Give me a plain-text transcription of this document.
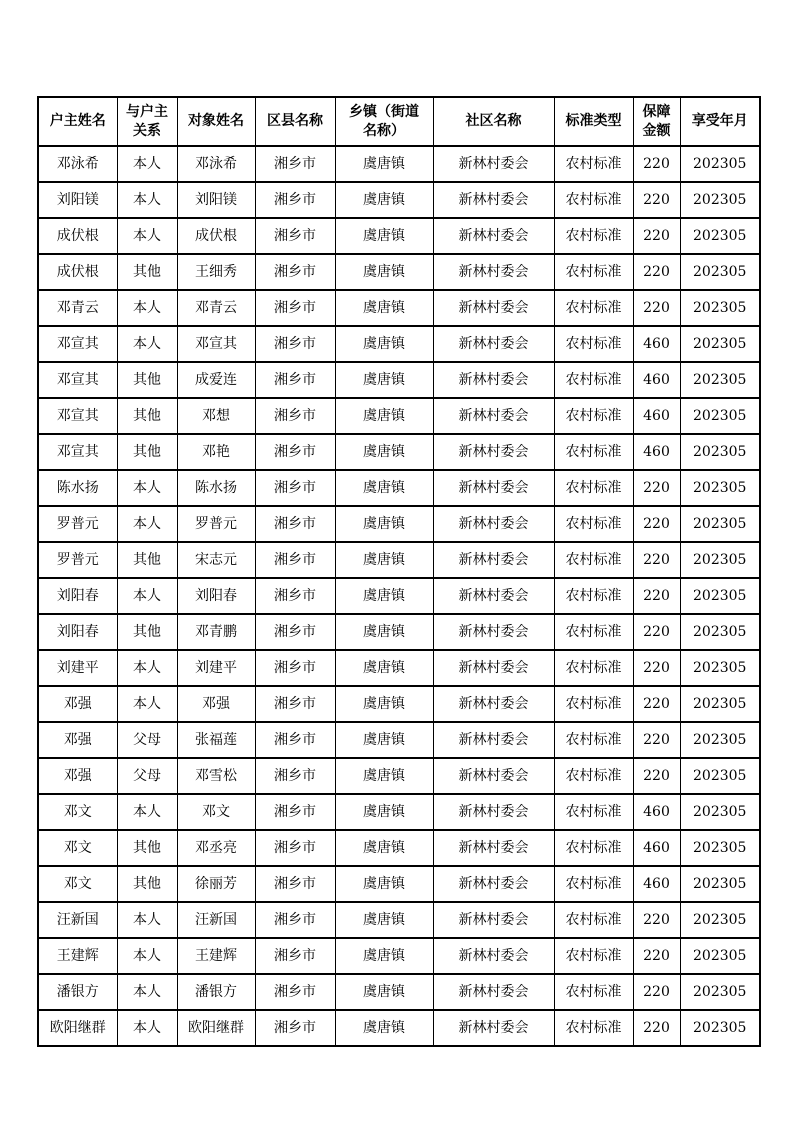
户主姓名	与户主关系	对象姓名	区县名称	乡镇（街道名称）	社区名称	标准类型	保障金额	享受年月
邓泳希	本人	邓泳希	湘乡市	虞唐镇	新林村委会	农村标准	220	202305
刘阳镁	本人	刘阳镁	湘乡市	虞唐镇	新林村委会	农村标准	220	202305
成伏根	本人	成伏根	湘乡市	虞唐镇	新林村委会	农村标准	220	202305
成伏根	其他	王细秀	湘乡市	虞唐镇	新林村委会	农村标准	220	202305
邓青云	本人	邓青云	湘乡市	虞唐镇	新林村委会	农村标准	220	202305
邓宣其	本人	邓宣其	湘乡市	虞唐镇	新林村委会	农村标准	460	202305
邓宣其	其他	成爱连	湘乡市	虞唐镇	新林村委会	农村标准	460	202305
邓宣其	其他	邓想	湘乡市	虞唐镇	新林村委会	农村标准	460	202305
邓宣其	其他	邓艳	湘乡市	虞唐镇	新林村委会	农村标准	460	202305
陈水扬	本人	陈水扬	湘乡市	虞唐镇	新林村委会	农村标准	220	202305
罗普元	本人	罗普元	湘乡市	虞唐镇	新林村委会	农村标准	220	202305
罗普元	其他	宋志元	湘乡市	虞唐镇	新林村委会	农村标准	220	202305
刘阳春	本人	刘阳春	湘乡市	虞唐镇	新林村委会	农村标准	220	202305
刘阳春	其他	邓青鹏	湘乡市	虞唐镇	新林村委会	农村标准	220	202305
刘建平	本人	刘建平	湘乡市	虞唐镇	新林村委会	农村标准	220	202305
邓强	本人	邓强	湘乡市	虞唐镇	新林村委会	农村标准	220	202305
邓强	父母	张福莲	湘乡市	虞唐镇	新林村委会	农村标准	220	202305
邓强	父母	邓雪松	湘乡市	虞唐镇	新林村委会	农村标准	220	202305
邓文	本人	邓文	湘乡市	虞唐镇	新林村委会	农村标准	460	202305
邓文	其他	邓丞亮	湘乡市	虞唐镇	新林村委会	农村标准	460	202305
邓文	其他	徐丽芳	湘乡市	虞唐镇	新林村委会	农村标准	460	202305
汪新国	本人	汪新国	湘乡市	虞唐镇	新林村委会	农村标准	220	202305
王建辉	本人	王建辉	湘乡市	虞唐镇	新林村委会	农村标准	220	202305
潘银方	本人	潘银方	湘乡市	虞唐镇	新林村委会	农村标准	220	202305
欧阳继群	本人	欧阳继群	湘乡市	虞唐镇	新林村委会	农村标准	220	202305
